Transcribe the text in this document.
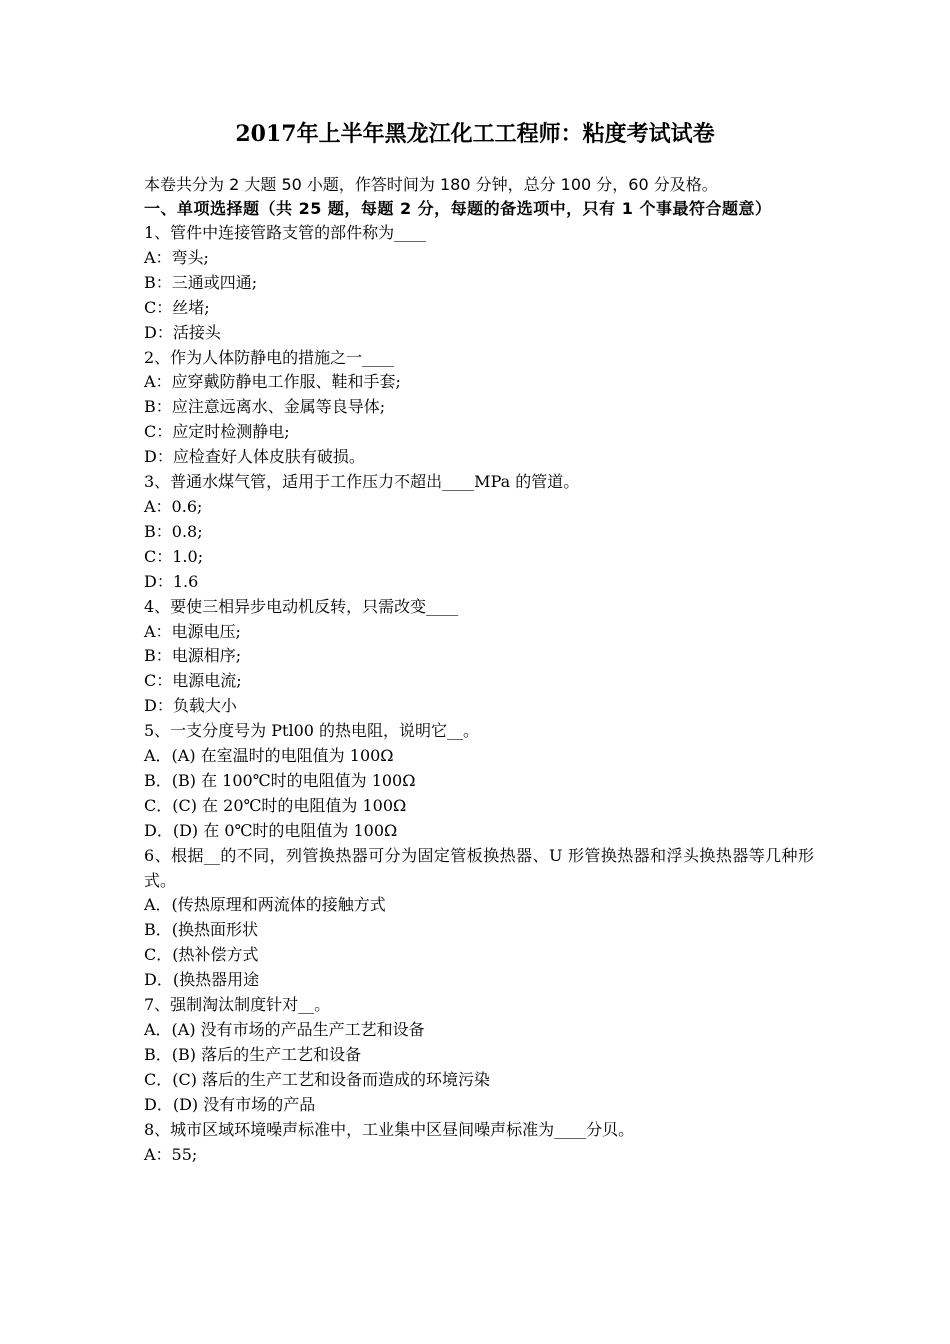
2017年上半年黑龙江化工工程师：粘度考试试卷
本卷共分为 2 大题 50 小题，作答时间为 180 分钟，总分 100 分，60 分及格。
一、单项选择题（共 25 题，每题 2 分，每题的备选项中，只有 1 个事最符合题意）
1、管件中连接管路支管的部件称为____
A：弯头;
B：三通或四通;
C：丝堵;
D：活接头
2、作为人体防静电的措施之一____
A：应穿戴防静电工作服、鞋和手套;
B：应注意远离水、金属等良导体;
C：应定时检测静电;
D：应检查好人体皮肤有破损。
3、普通水煤气管，适用于工作压力不超出____MPa 的管道。
A：0.6;
B：0.8;
C：1.0;
D：1.6
4、要使三相异步电动机反转，只需改变____
A：电源电压;
B：电源相序;
C：电源电流;
D：负载大小
5、一支分度号为 Ptl00 的热电阻，说明它__。
A．(A) 在室温时的电阻值为 100Ω
B．(B) 在 100℃时的电阻值为 100Ω
C．(C) 在 20℃时的电阻值为 100Ω
D．(D) 在 0℃时的电阻值为 100Ω
6、根据__的不同，列管换热器可分为固定管板换热器、U 形管换热器和浮头换热器等几种形式。
A．(传热原理和两流体的接触方式
B．(换热面形状
C．(热补偿方式
D．(换热器用途
7、强制淘汰制度针对__。
A．(A) 没有市场的产品生产工艺和设备
B．(B) 落后的生产工艺和设备
C．(C) 落后的生产工艺和设备而造成的环境污染
D．(D) 没有市场的产品
8、城市区域环境噪声标准中，工业集中区昼间噪声标准为____分贝。
A：55;
